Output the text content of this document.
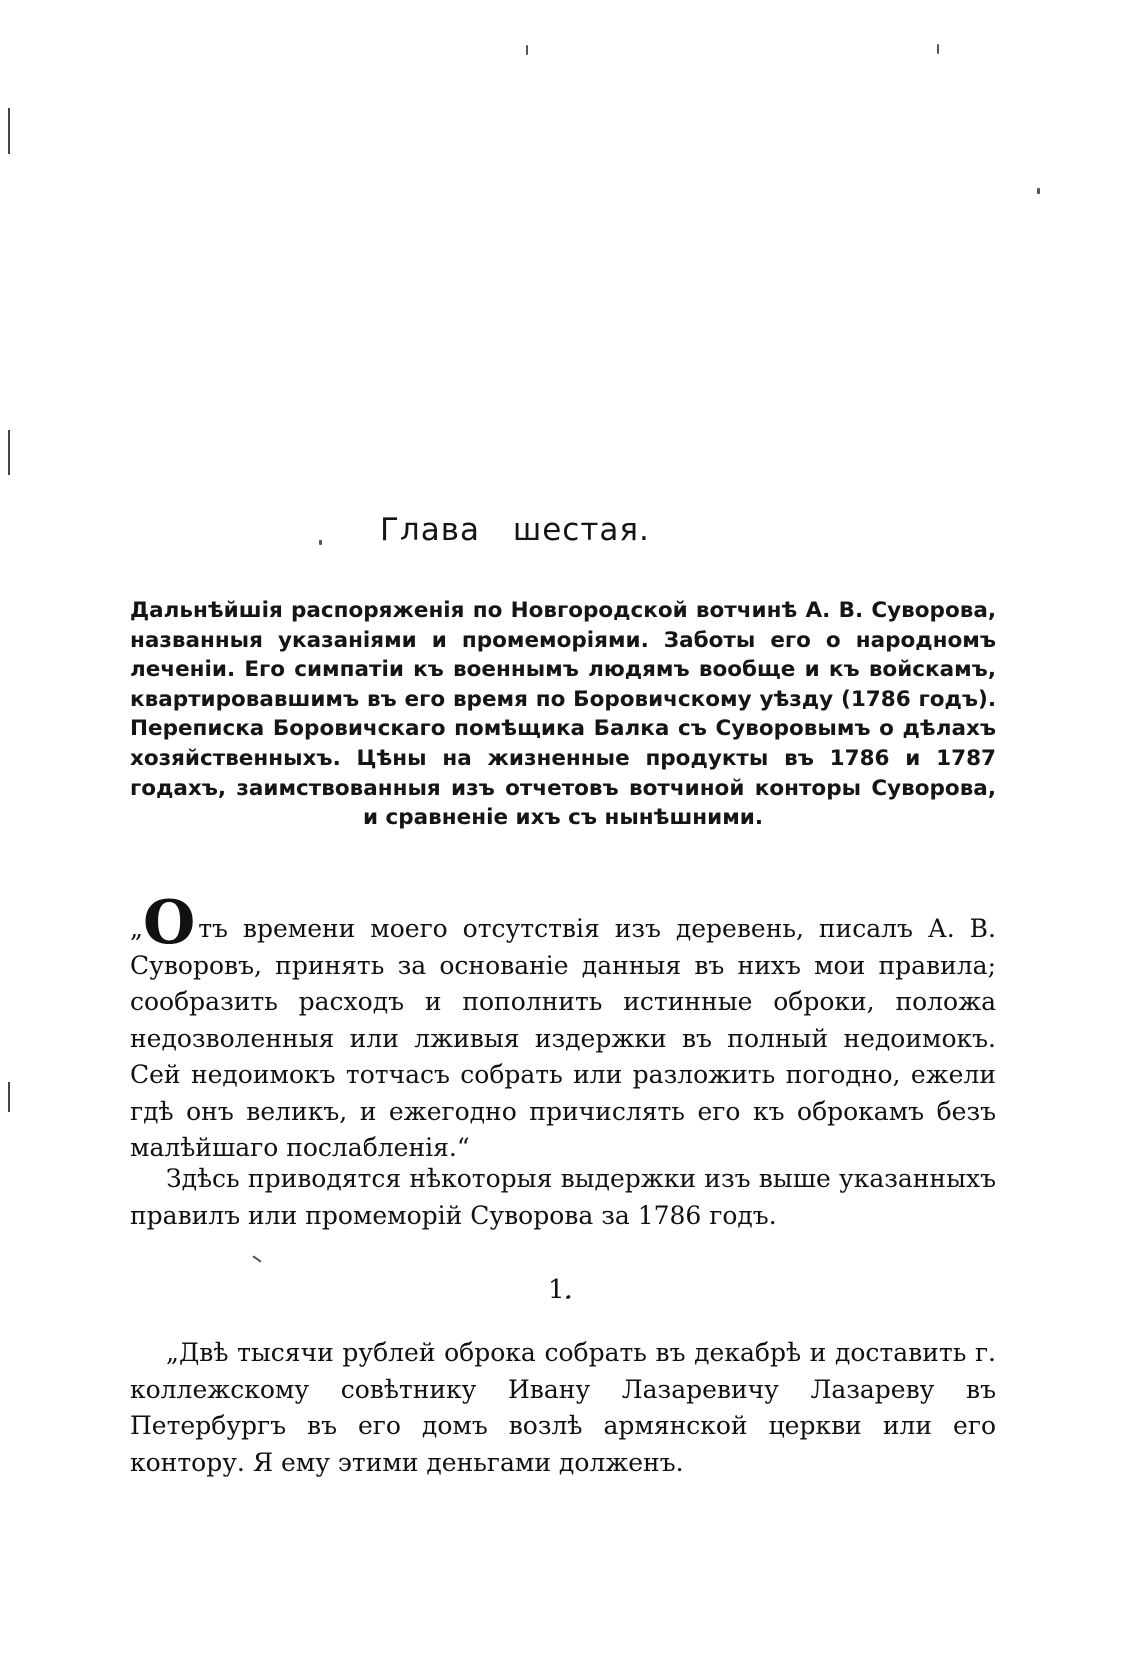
Глава шестая.
Дальнѣйшія распоряженія по Новгородской вотчинѣ А. В. Суворова, названныя указаніями и промеморіями. Заботы его о народномъ леченіи. Его симпатіи къ военнымъ людямъ вообще и къ войскамъ, квартировавшимъ въ его время по Боровичскому уѣзду (1786 годъ). Переписка Боровичскаго помѣщика Балка съ Суворовымъ о дѣлахъ хозяйственныхъ. Цѣны на жизненные продукты въ 1786 и 1787 годахъ, заимствованныя изъ отчетовъ вотчиной конторы Суворова, и сравненіе ихъ съ нынѣшними.
„О тъ времени моего отсутствія изъ деревень, писалъ А. В. Суворовъ, принять за основаніе данныя въ нихъ мои правила; сообразить расходъ и пополнить истинные оброки, положа недозволенныя или лживыя издержки въ полный недоимокъ. Сей недоимокъ тотчасъ собрать или разложить погодно, ежели гдѣ онъ великъ, и ежегодно причислять его къ оброкамъ безъ малѣйшаго послабленія.“
Здѣсь приводятся нѣкоторыя выдержки изъ выше указанныхъ правилъ или промеморій Суворова за 1786 годъ.
1.
„Двѣ тысячи рублей оброка собрать въ декабрѣ и доставить г. коллежскому совѣтнику Ивану Лазаревичу Лазареву въ Петербургъ въ его домъ возлѣ армянской церкви или его контору. Я ему этими деньгами долженъ.
